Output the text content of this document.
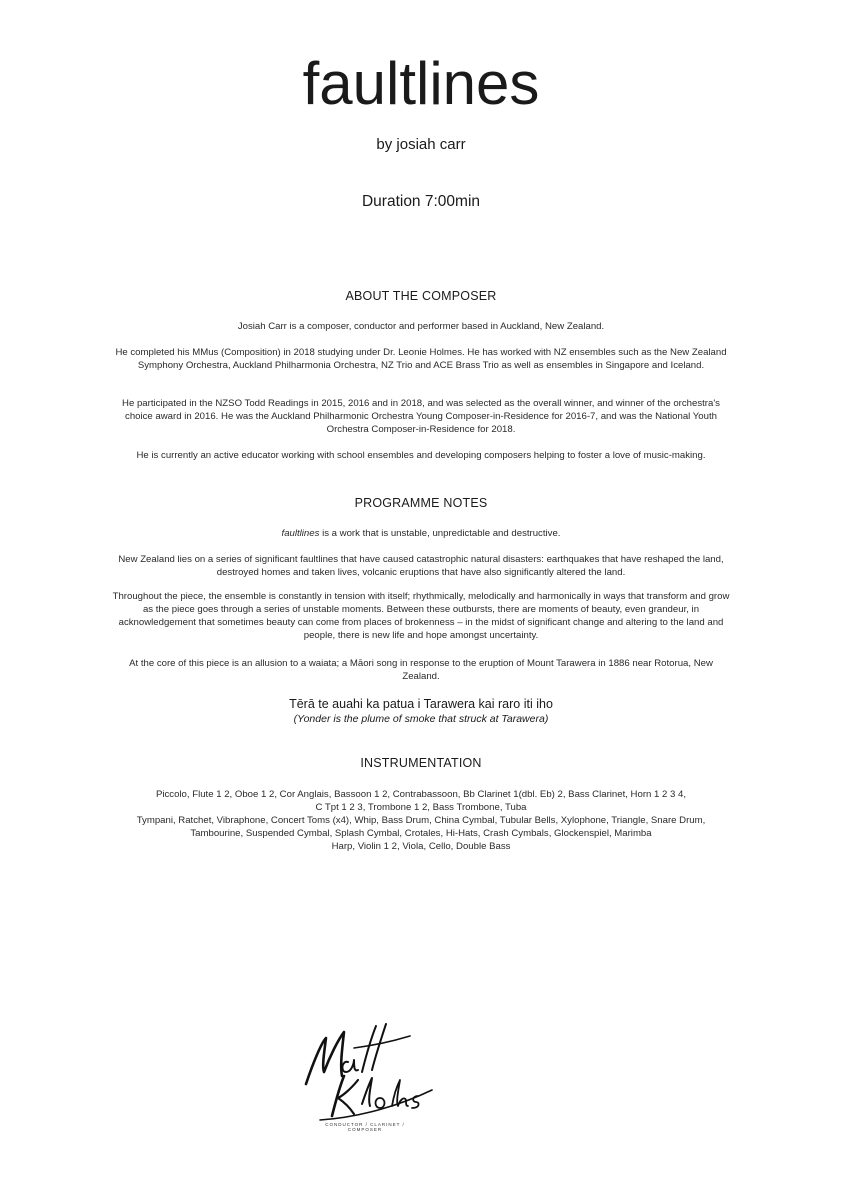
faultlines
by josiah carr
Duration 7:00min
ABOUT THE COMPOSER

Josiah Carr is a composer, conductor and performer based in Auckland, New Zealand.

He completed his MMus (Composition) in 2018 studying under Dr. Leonie Holmes. He has worked with NZ ensembles such as the New Zealand Symphony Orchestra, Auckland Philharmonia Orchestra, NZ Trio and ACE Brass Trio as well as ensembles in Singapore and Iceland.

He participated in the NZSO Todd Readings in 2015, 2016 and in 2018, and was selected as the overall winner, and winner of the orchestra's choice award in 2016. He was the Auckland Philharmonic Orchestra Young Composer-in-Residence for 2016-7, and was the National Youth Orchestra Composer-in-Residence for 2018.

He is currently an active educator working with school ensembles and developing composers helping to foster a love of music-making.

PROGRAMME NOTES

faultlines is a work that is unstable, unpredictable and destructive.

New Zealand lies on a series of significant faultlines that have caused catastrophic natural disasters: earthquakes that have reshaped the land, destroyed homes and taken lives, volcanic eruptions that have also significantly altered the land.

Throughout the piece, the ensemble is constantly in tension with itself; rhythmically, melodically and harmonically in ways that transform and grow as the piece goes through a series of unstable moments. Between these outbursts, there are moments of beauty, even grandeur, in acknowledgement that sometimes beauty can come from places of brokenness – in the midst of significant change and altering to the land and people, there is new life and hope amongst uncertainty.

At the core of this piece is an allusion to a waiata; a Māori song in response to the eruption of Mount Tarawera in 1886 near Rotorua, New Zealand.

Tērā te auahi ka patua i Tarawera kai raro iti iho
(Yonder is the plume of smoke that struck at Tarawera)
INSTRUMENTATION

Piccolo, Flute 1 2, Oboe 1 2, Cor Anglais, Bassoon 1 2, Contrabassoon, Bb Clarinet 1(dbl. Eb) 2, Bass Clarinet, Horn 1 2 3 4,
C Tpt 1 2 3, Trombone 1 2, Bass Trombone, Tuba
Tympani, Ratchet, Vibraphone, Concert Toms (x4), Whip, Bass Drum, China Cymbal, Tubular Bells, Xylophone, Triangle, Snare Drum,
Tambourine, Suspended Cymbal, Splash Cymbal, Crotales, Hi-Hats, Crash Cymbals, Glockenspiel, Marimba
Harp, Violin 1 2, Viola, Cello, Double Bass

CONDUCTOR / CLARINET / COMPOSER
